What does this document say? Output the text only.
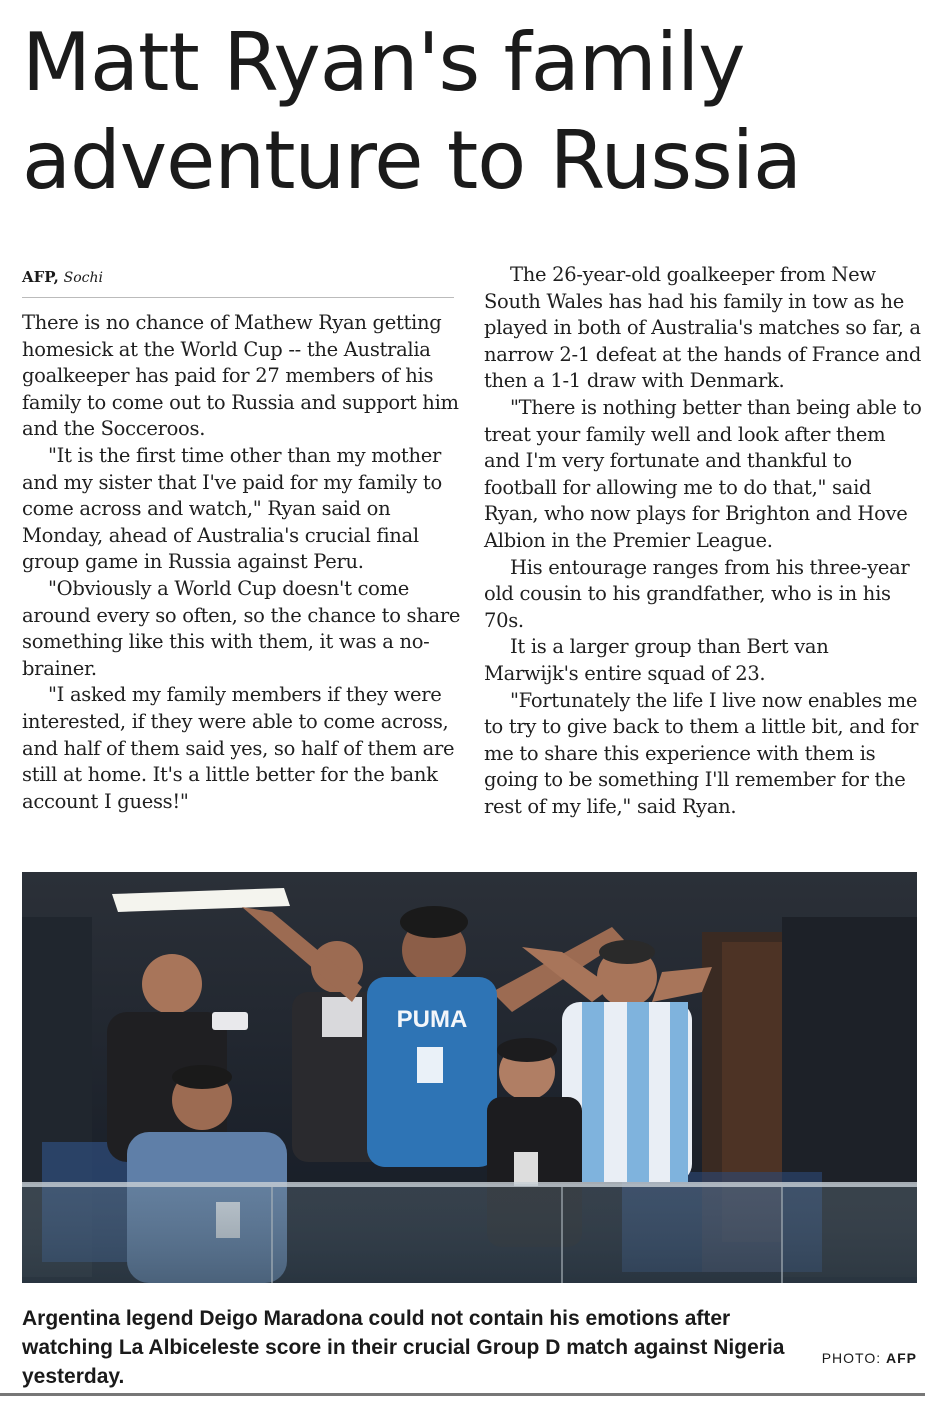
Matt Ryan's family
adventure to Russia
AFP, Sochi

There is no chance of Mathew Ryan getting homesick at the World Cup -- the Australia goalkeeper has paid for 27 members of his family to come out to Russia and support him and the Socceroos.

"It is the first time other than my mother and my sister that I've paid for my family to come across and watch," Ryan said on Monday, ahead of Australia's crucial final group game in Russia against Peru.

"Obviously a World Cup doesn't come around every so often, so the chance to share something like this with them, it was a no-brainer.

"I asked my family members if they were interested, if they were able to come across, and half of them said yes, so half of them are still at home. It's a little better for the bank account I guess!"

The 26-year-old goalkeeper from New South Wales has had his family in tow as he played in both of Australia's matches so far, a narrow 2-1 defeat at the hands of France and then a 1-1 draw with Denmark.

"There is nothing better than being able to treat your family well and look after them and I'm very fortunate and thankful to football for allowing me to do that," said Ryan, who now plays for Brighton and Hove Albion in the Premier League.

His entourage ranges from his three-year old cousin to his grandfather, who is in his 70s.

It is a larger group than Bert van Marwijk's entire squad of 23.

"Fortunately the life I live now enables me to try to give back to them a little bit, and for me to share this experience with them is going to be something I'll remember for the rest of my life," said Ryan.

PUMA
Argentina legend Deigo Maradona could not contain his emotions after watching La Albiceleste score in their crucial Group D match against Nigeria yesterday.
PHOTO: AFP
